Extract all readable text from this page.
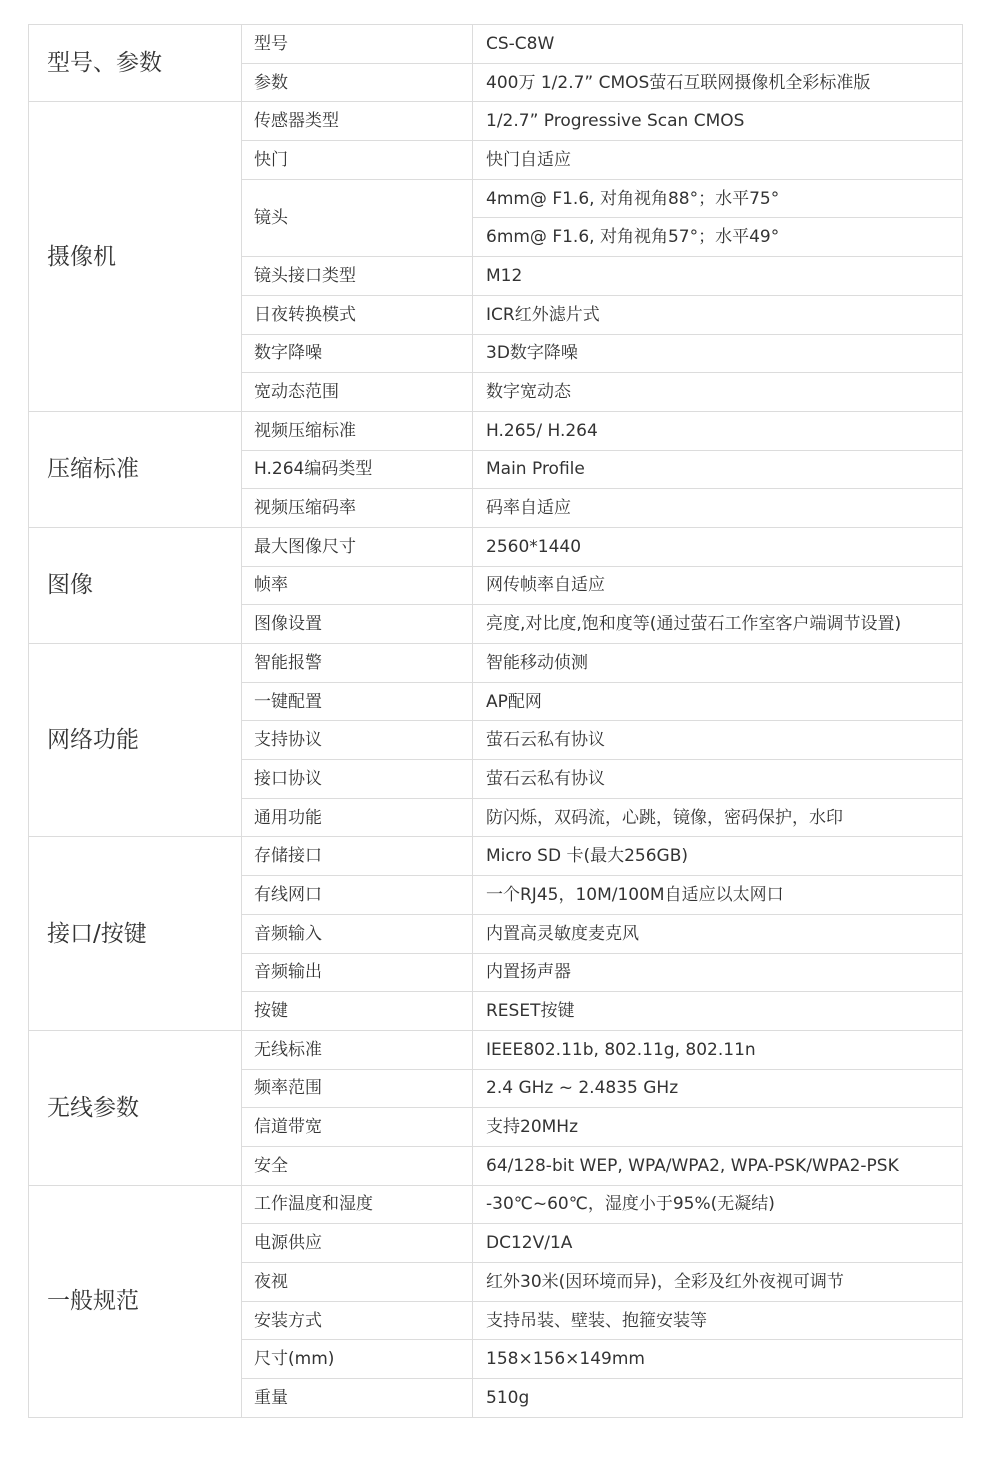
型号、参数	型号	CS-C8W
	参数	400万 1/2.7” CMOS萤石互联网摄像机全彩标准版
摄像机	传感器类型	1/2.7” Progressive Scan CMOS
	快门	快门自适应
	镜头	4mm@ F1.6, 对角视角88°；水平75°
		6mm@ F1.6, 对角视角57°；水平49°
	镜头接口类型	M12
	日夜转换模式	ICR红外滤片式
	数字降噪	3D数字降噪
	宽动态范围	数字宽动态
压缩标准	视频压缩标准	H.265/ H.264
	H.264编码类型	Main Profile
	视频压缩码率	码率自适应
图像	最大图像尺寸	2560*1440
	帧率	网传帧率自适应
	图像设置	亮度,对比度,饱和度等(通过萤石工作室客户端调节设置)
网络功能	智能报警	智能移动侦测
	一键配置	AP配网
	支持协议	萤石云私有协议
	接口协议	萤石云私有协议
	通用功能	防闪烁，双码流，心跳，镜像，密码保护，水印
接口/按键	存储接口	Micro SD 卡(最大256GB)
	有线网口	一个RJ45，10M/100M自适应以太网口
	音频输入	内置高灵敏度麦克风
	音频输出	内置扬声器
	按键	RESET按键
无线参数	无线标准	IEEE802.11b, 802.11g, 802.11n
	频率范围	2.4 GHz ~ 2.4835 GHz
	信道带宽	支持20MHz
	安全	64/128-bit WEP, WPA/WPA2, WPA-PSK/WPA2-PSK
一般规范	工作温度和湿度	-30℃~60℃，湿度小于95%(无凝结)
	电源供应	DC12V/1A
	夜视	红外30米(因环境而异)，全彩及红外夜视可调节
	安装方式	支持吊装、壁装、抱箍安装等
	尺寸(mm)	158×156×149mm
	重量	510g
